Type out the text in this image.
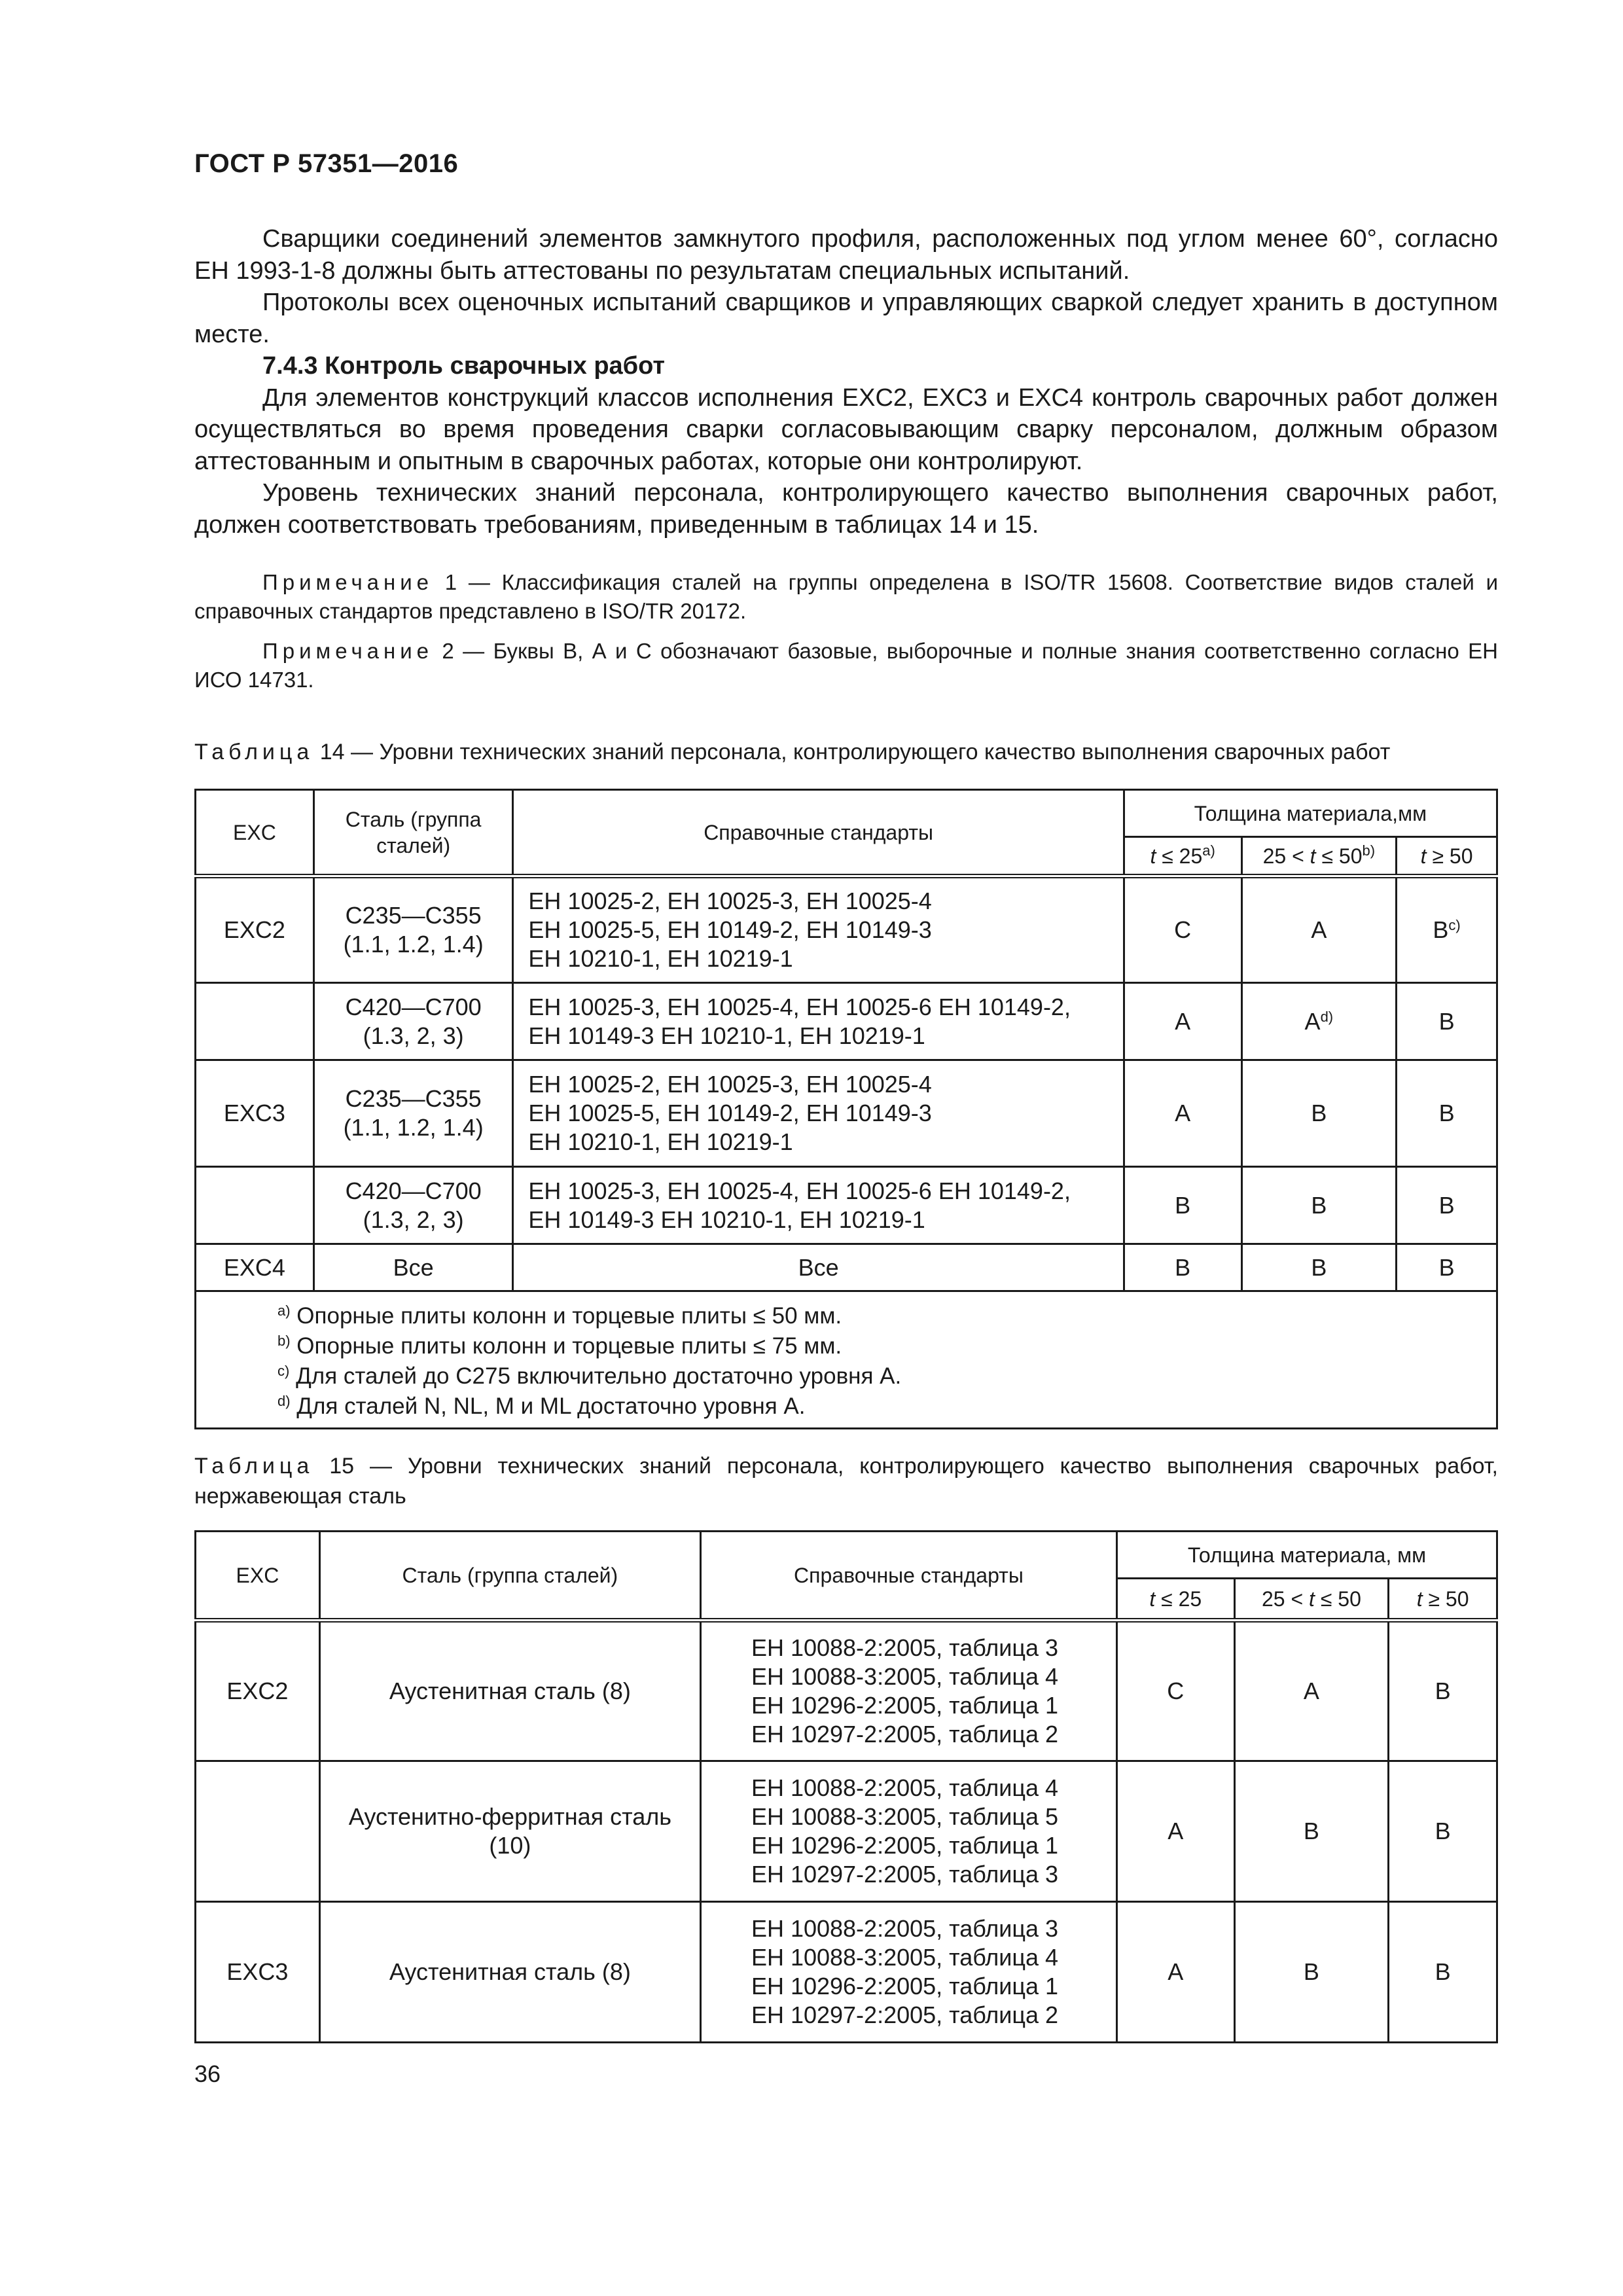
ГОСТ Р 57351—2016

Сварщики соединений элементов замкнутого профиля, расположенных под углом менее 60°, согласно ЕН 1993-1-8 должны быть аттестованы по результатам специальных испытаний.

Протоколы всех оценочных испытаний сварщиков и управляющих сваркой следует хранить в доступном месте.

7.4.3 Контроль сварочных работ

Для элементов конструкций классов исполнения EXC2, EXC3 и EXC4 контроль сварочных работ должен осуществляться во время проведения сварки согласовывающим сварку персоналом, должным образом аттестованным и опытным в сварочных работах, которые они контролируют.

Уровень технических знаний персонала, контролирующего качество выполнения сварочных работ, должен соответствовать требованиям, приведенным в таблицах 14 и 15.

Примечание 1 — Классификация сталей на группы определена в ISO/TR 15608. Соответствие видов сталей и справочных стандартов представлено в ISO/TR 20172.

Примечание 2 — Буквы В, А и С обозначают базовые, выборочные и полные знания соответственно согласно ЕН ИСО 14731.

Таблица 14 — Уровни технических знаний персонала, контролирующего качество выполнения сварочных работ
EXC	Сталь (группа сталей)	Справочные стандарты	Толщина материала,мм		
			$t \le 25^{a)}$	$25 < t \le 50^{b)}$	t ≥ 50
EXC2	C235—C355 (1.1, 1.2, 1.4)	ЕН 10025-2, ЕН 10025-3, ЕН 10025-4
ЕН 10025-5, ЕН 10149-2, ЕН 10149-3
ЕН 10210-1, ЕН 10219-1	C	A	$B^{c)}$
	C420—C700 (1.3, 2, 3)	ЕН 10025-3, ЕН 10025-4, ЕН 10025-6 ЕН 10149-2,
ЕН 10149-3 ЕН 10210-1, ЕН 10219-1	A	$A^{d)}$	B
EXC3	C235—C355 (1.1, 1.2, 1.4)	ЕН 10025-2, ЕН 10025-3, ЕН 10025-4
ЕН 10025-5, ЕН 10149-2, ЕН 10149-3
ЕН 10210-1, ЕН 10219-1	A	B	B
	C420—C700 (1.3, 2, 3)	ЕН 10025-3, ЕН 10025-4, ЕН 10025-6 ЕН 10149-2,
ЕН 10149-3 ЕН 10210-1, ЕН 10219-1	B	B	B
EXC4	Все	Все	B	B	B

$^{a)}$ Опорные плиты колонн и торцевые плиты ≤ 50 мм.
$^{b)}$ Опорные плиты колонн и торцевые плиты ≤ 75 мм.
$^{c)}$ Для сталей до С275 включительно достаточно уровня А.
$^{d)}$ Для сталей N, NL, M и ML достаточно уровня А.					
Таблица 15 — Уровни технических знаний персонала, контролирующего качество выполнения сварочных работ, нержавеющая сталь
EXC	Сталь (группа сталей)	Справочные стандарты	Толщина материала, мм		
			t ≤ 25	25 < t ≤ 50	t ≥ 50
EXC2	Аустенитная сталь (8)	ЕН 10088-2:2005, таблица 3
ЕН 10088-3:2005, таблица 4
ЕН 10296-2:2005, таблица 1
ЕН 10297-2:2005, таблица 2	C	A	B
	Аустенитно-ферритная сталь (10)	ЕН 10088-2:2005, таблица 4
ЕН 10088-3:2005, таблица 5
ЕН 10296-2:2005, таблица 1
ЕН 10297-2:2005, таблица 3	A	B	B
EXC3	Аустенитная сталь (8)	ЕН 10088-2:2005, таблица 3
ЕН 10088-3:2005, таблица 4
ЕН 10296-2:2005, таблица 1
ЕН 10297-2:2005, таблица 2	A	B	B
36
